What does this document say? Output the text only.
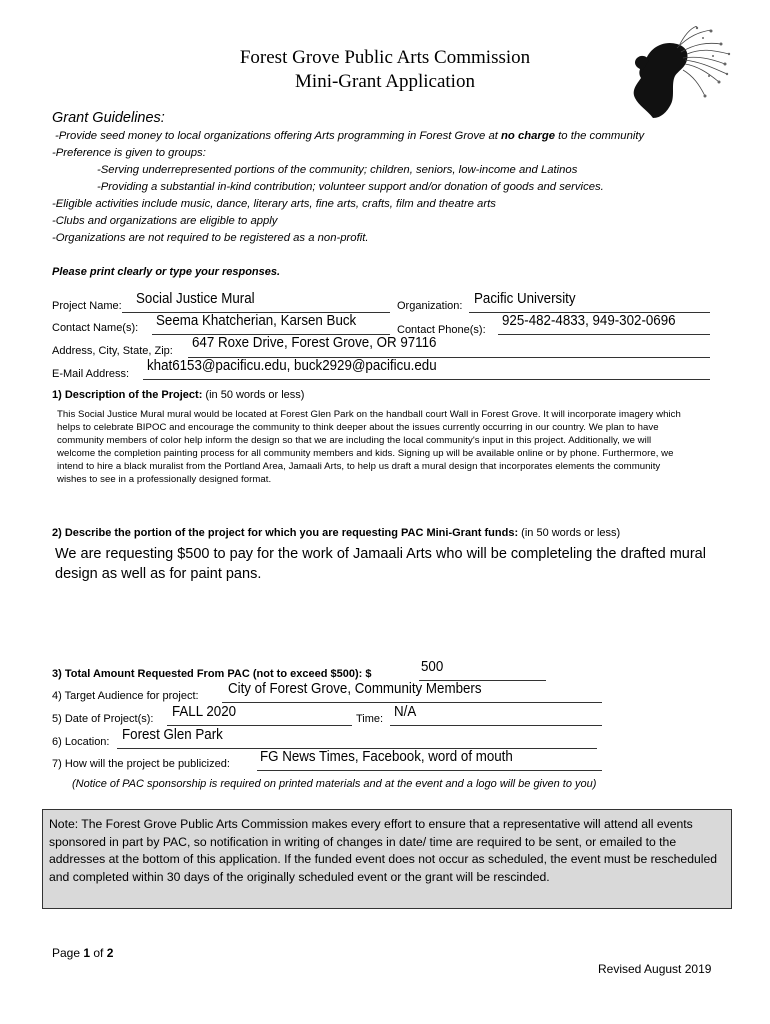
Forest Grove Public Arts Commission
Mini-Grant Application
Grant Guidelines:
-Provide seed money to local organizations offering Arts programming in Forest Grove at no charge to the community
-Preference is given to groups:
-Serving underrepresented portions of the community; children, seniors, low-income and Latinos
-Providing a substantial in-kind contribution; volunteer support and/or donation of goods and services.
-Eligible activities include music, dance, literary arts, fine arts, crafts, film and theatre arts
-Clubs and organizations are eligible to apply
-Organizations are not required to be registered as a non-profit.
Please print clearly or type your responses.
Project Name: Social Justice Mural	Organization: Pacific University
Contact Name(s): Seema Khatcherian, Karsen Buck
Contact Phone(s):
925-482-4833, 949-302-0696
Address, City, State, Zip: 647 Roxe Drive, Forest Grove, OR 97116
E-Mail Address: khat6153@pacificu.edu, buck2929@pacificu.edu
1) Description of the Project: (in 50 words or less)
This Social Justice Mural mural would be located at Forest Glen Park on the handball court Wall in Forest Grove. It will incorporate imagery which helps to celebrate BIPOC and encourage the community to think deeper about the issues currently occurring in our country. We plan to have community members of color help inform the design so that we are including the local community's input in this project. Additionally, we will welcome the completion painting process for all community members and kids. Signing up will be available online or by phone. Furthermore, we intend to hire a black muralist from the Portland Area, Jamaali Arts, to help us draft a mural design that incorporates elements the community wishes to see in a professionally designed format.
2) Describe the portion of the project for which you are requesting PAC Mini-Grant funds: (in 50 words or less)
We are requesting $500 to pay for the work of Jamaali Arts who will be completeling the drafted mural design as well as for paint pans.
3) Total Amount Requested From PAC (not to exceed $500): $	500
4) Target Audience for project: City of Forest Grove, Community Members
5) Date of Project(s): FALL 2020	Time: N/A
6) Location: Forest Glen Park
7) How will the project be publicized: FG News Times, Facebook, word of mouth
(Notice of PAC sponsorship is required on printed materials and at the event and a logo will be given to you)
Note: The Forest Grove Public Arts Commission makes every effort to ensure that a representative will attend all events sponsored in part by PAC, so notification in writing of changes in date/ time are required to be sent, or emailed to the addresses at the bottom of this application. If the funded event does not occur as scheduled, the event must be rescheduled and completed within 30 days of the originally scheduled event or the grant will be rescinded.
Page 1 of 2
Revised August 2019
